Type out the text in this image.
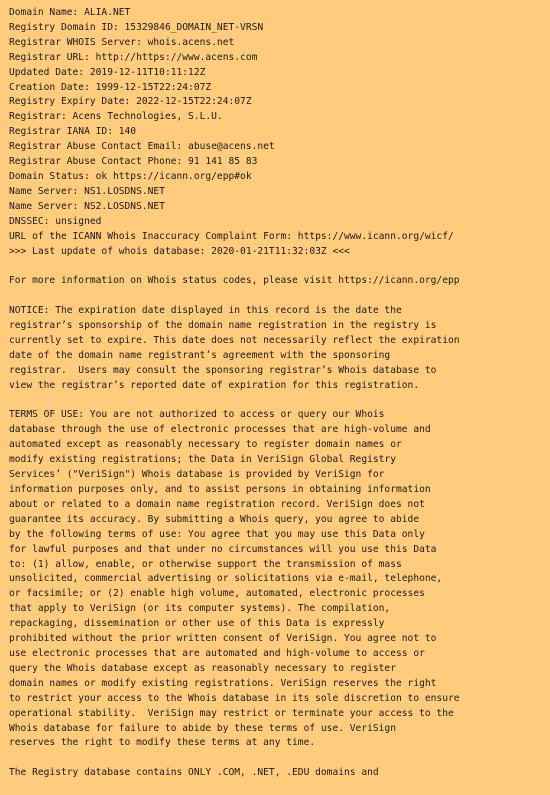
Domain Name: ALIA.NET
Registry Domain ID: 15329846_DOMAIN_NET-VRSN
Registrar WHOIS Server: whois.acens.net
Registrar URL: http://https://www.acens.com
Updated Date: 2019-12-11T10:11:12Z
Creation Date: 1999-12-15T22:24:07Z
Registry Expiry Date: 2022-12-15T22:24:07Z
Registrar: Acens Technologies, S.L.U.
Registrar IANA ID: 140
Registrar Abuse Contact Email: abuse@acens.net
Registrar Abuse Contact Phone: 91 141 85 83
Domain Status: ok https://icann.org/epp#ok
Name Server: NS1.LOSDNS.NET
Name Server: NS2.LOSDNS.NET
DNSSEC: unsigned
URL of the ICANN Whois Inaccuracy Complaint Form: https://www.icann.org/wicf/
>>> Last update of whois database: 2020-01-21T11:32:03Z <<<

For more information on Whois status codes, please visit https://icann.org/epp

NOTICE: The expiration date displayed in this record is the date the
registrar’s sponsorship of the domain name registration in the registry is
currently set to expire. This date does not necessarily reflect the expiration
date of the domain name registrant’s agreement with the sponsoring
registrar.  Users may consult the sponsoring registrar’s Whois database to
view the registrar’s reported date of expiration for this registration.

TERMS OF USE: You are not authorized to access or query our Whois
database through the use of electronic processes that are high-volume and
automated except as reasonably necessary to register domain names or
modify existing registrations; the Data in VeriSign Global Registry
Services’ ("VeriSign") Whois database is provided by VeriSign for
information purposes only, and to assist persons in obtaining information
about or related to a domain name registration record. VeriSign does not
guarantee its accuracy. By submitting a Whois query, you agree to abide
by the following terms of use: You agree that you may use this Data only
for lawful purposes and that under no circumstances will you use this Data
to: (1) allow, enable, or otherwise support the transmission of mass
unsolicited, commercial advertising or solicitations via e-mail, telephone,
or facsimile; or (2) enable high volume, automated, electronic processes
that apply to VeriSign (or its computer systems). The compilation,
repackaging, dissemination or other use of this Data is expressly
prohibited without the prior written consent of VeriSign. You agree not to
use electronic processes that are automated and high-volume to access or
query the Whois database except as reasonably necessary to register
domain names or modify existing registrations. VeriSign reserves the right
to restrict your access to the Whois database in its sole discretion to ensure
operational stability.  VeriSign may restrict or terminate your access to the
Whois database for failure to abide by these terms of use. VeriSign
reserves the right to modify these terms at any time.

The Registry database contains ONLY .COM, .NET, .EDU domains and
